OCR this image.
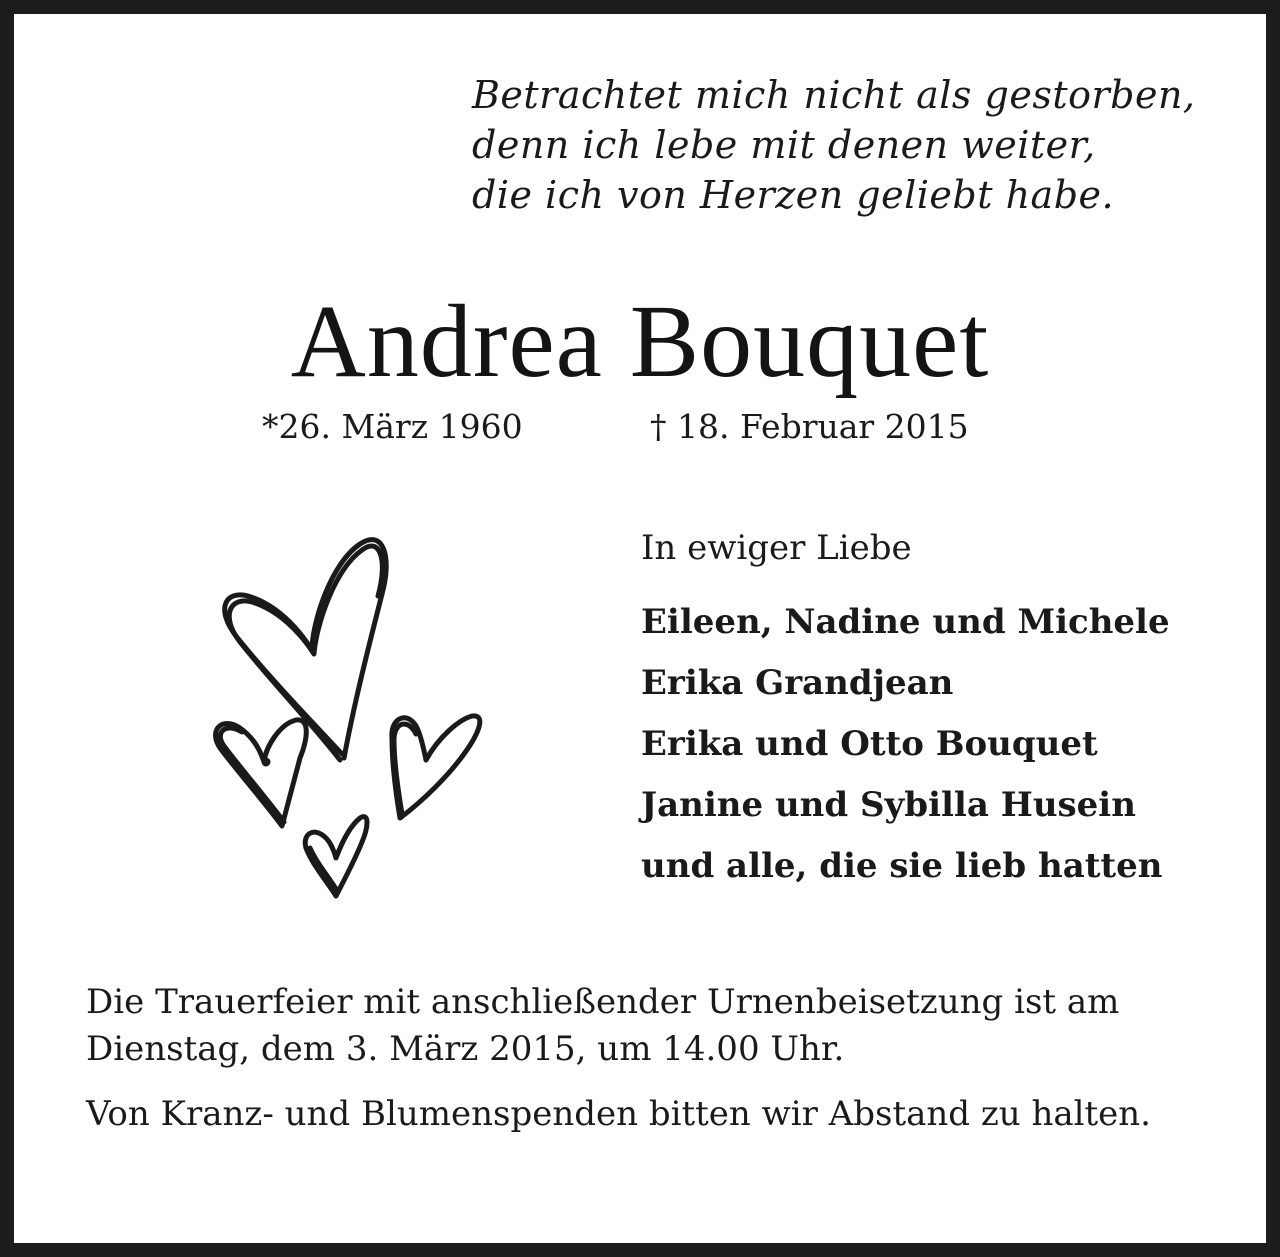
Betrachtet mich nicht als gestorben,
denn ich lebe mit denen weiter,
die ich von Herzen geliebt habe.
Andrea Bouquet
*26. März 1960	† 18. Februar 2015
In ewiger Liebe
Eileen, Nadine und Michele
Erika Grandjean
Erika und Otto Bouquet
Janine und Sybilla Husein
und alle, die sie lieb hatten

Die Trauerfeier mit anschließender Urnenbeisetzung ist am Dienstag, dem 3. März 2015, um 14.00 Uhr.

Von Kranz- und Blumenspenden bitten wir Abstand zu halten.
